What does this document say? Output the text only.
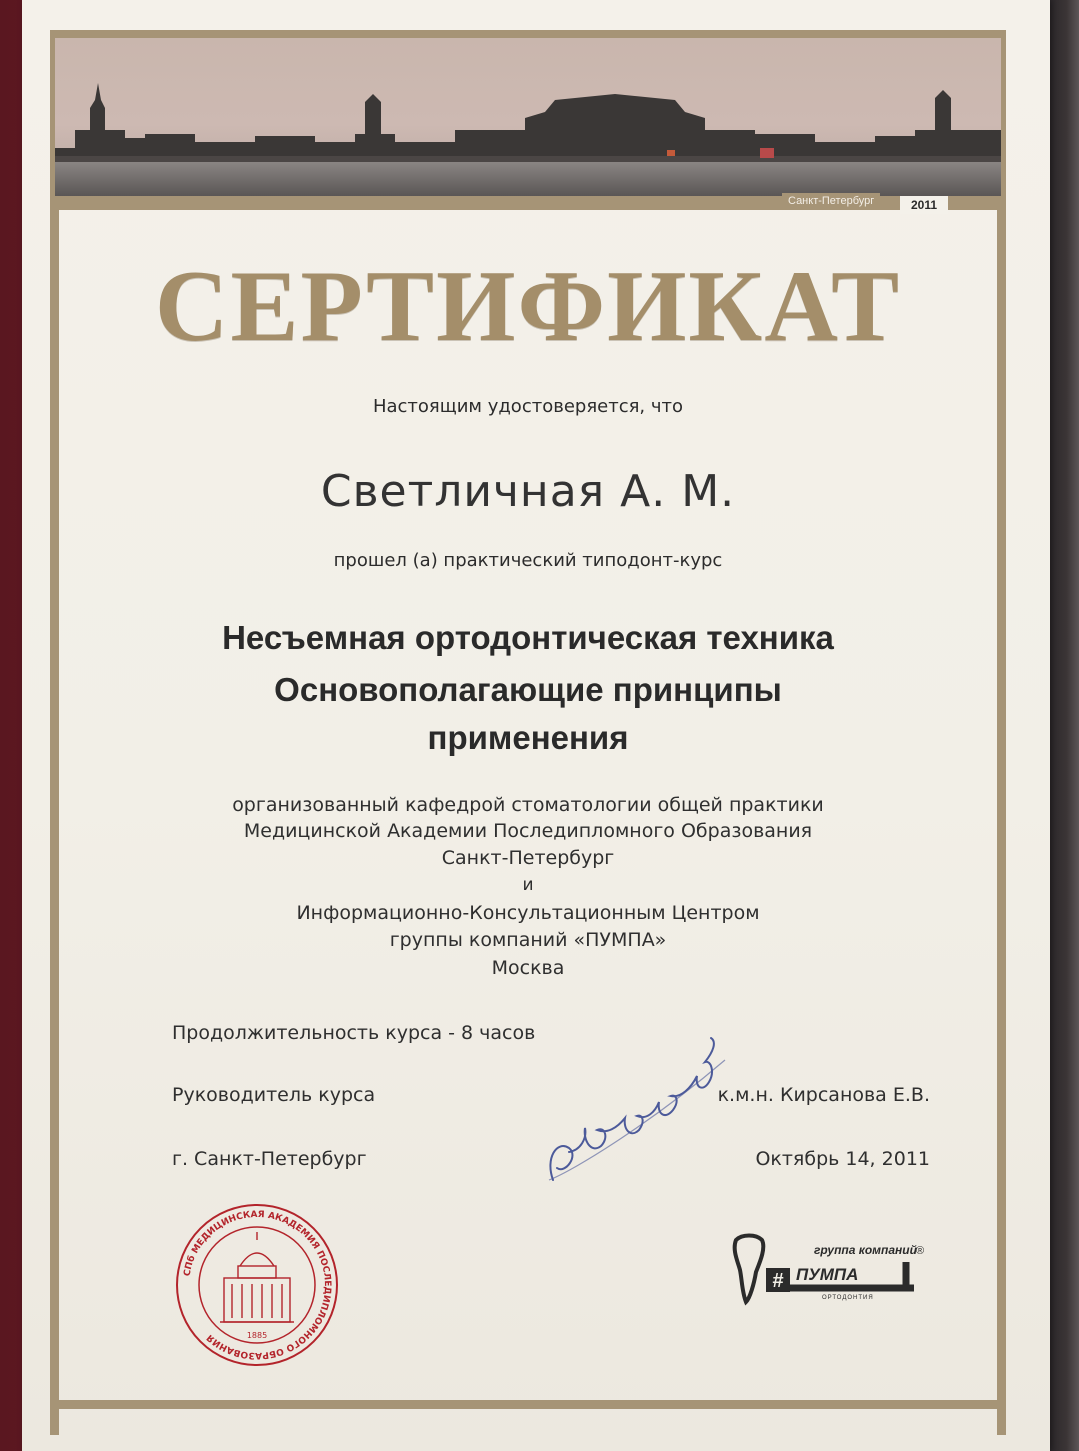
Санкт-Петербург	2011
СЕРТИФИКАТ
Настоящим удостоверяется, что
Светличная А. М.
прошел (а) практический типодонт-курс
Несъемная ортодонтическая техника
Основополагающие принципы
применения
организованный кафедрой стоматологии общей практики
Медицинской Академии Последипломного Образования
Санкт-Петербург
и
Информационно-Консультационным Центром
группы компаний «ПУМПА»
Москва
Продолжительность курса - 8 часов
Руководитель курса
г. Санкт-Петербург
к.м.н. Кирсанова Е.В.
Октябрь 14, 2011
СПб МЕДИЦИНСКАЯ АКАДЕМИЯ ПОСЛЕДИПЛОМНОГО ОБРАЗОВАНИЯ	1885
#
группа компаний ®
ПУМПА
ОРТОДОНТИЯ
